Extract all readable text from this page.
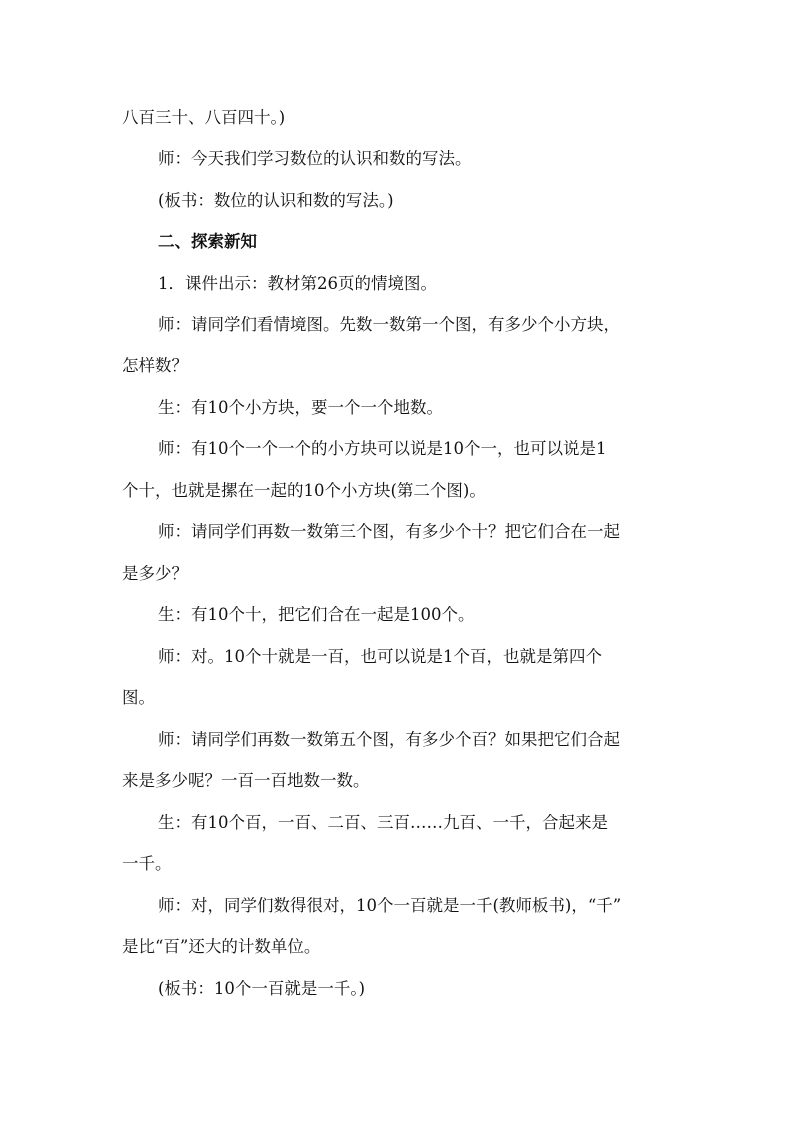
八百三十、八百四十。)
师：今天我们学习数位的认识和数的写法。
(板书：数位的认识和数的写法。)
二、探索新知
1．课件出示：教材第26页的情境图。
师：请同学们看情境图。先数一数第一个图，有多少个小方块，
怎样数？
生：有10个小方块，要一个一个地数。
师：有10个一个一个的小方块可以说是10个一，也可以说是1
个十，也就是摞在一起的10个小方块(第二个图)。
师：请同学们再数一数第三个图，有多少个十？把它们合在一起
是多少？
生：有10个十，把它们合在一起是100个。
师：对。10个十就是一百，也可以说是1个百，也就是第四个
图。
师：请同学们再数一数第五个图，有多少个百？如果把它们合起
来是多少呢？一百一百地数一数。
生：有10个百，一百、二百、三百……九百、一千，合起来是
一千。
师：对，同学们数得很对，10个一百就是一千(教师板书)，“千”
是比“百”还大的计数单位。
(板书：10个一百就是一千。)
